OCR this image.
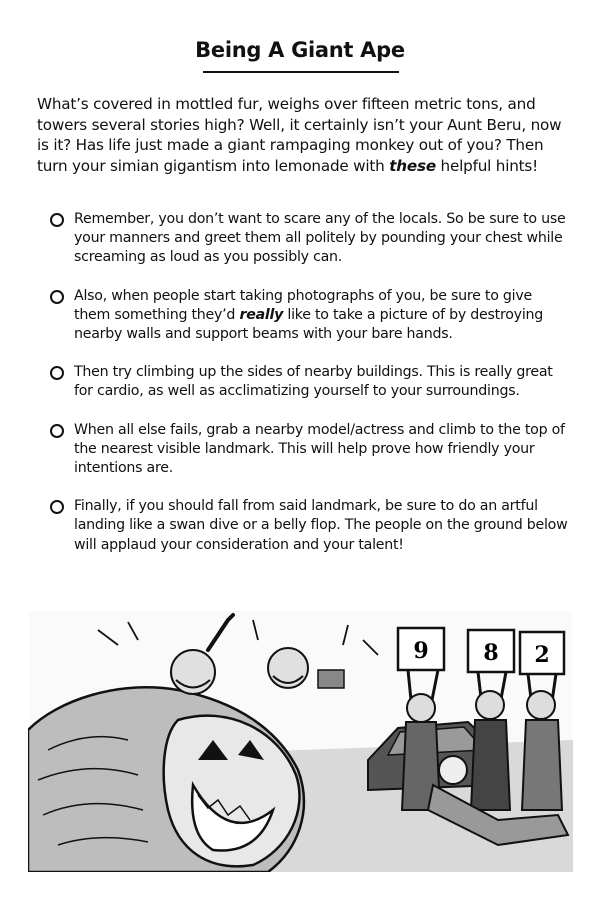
Being A Giant Ape

What’s covered in mottled fur, weighs over fifteen metric tons, and towers several stories high? Well, it certainly isn’t your Aunt Beru, now is it? Has life just made a giant rampaging monkey out of you? Then turn your simian gigantism into lemonade with these helpful hints!

Remember, you don’t want to scare any of the locals. So be sure to use your manners and greet them all politely by pounding your chest while screaming as loud as you possibly can.
Also, when people start taking photographs of you, be sure to give them something they’d really like to take a picture of by destroying nearby walls and support beams with your bare hands.
Then try climbing up the sides of nearby buildings. This is really great for cardio, as well as acclimatizing yourself to your surroundings.
When all else fails, grab a nearby model/actress and climb to the top of the nearest visible landmark. This will help prove how friendly your intentions are.
Finally, if you should fall from said landmark, be sure to do an artful landing like a swan dive or a belly flop. The people on the ground below will applaud your consideration and your talent!
9 8 2
